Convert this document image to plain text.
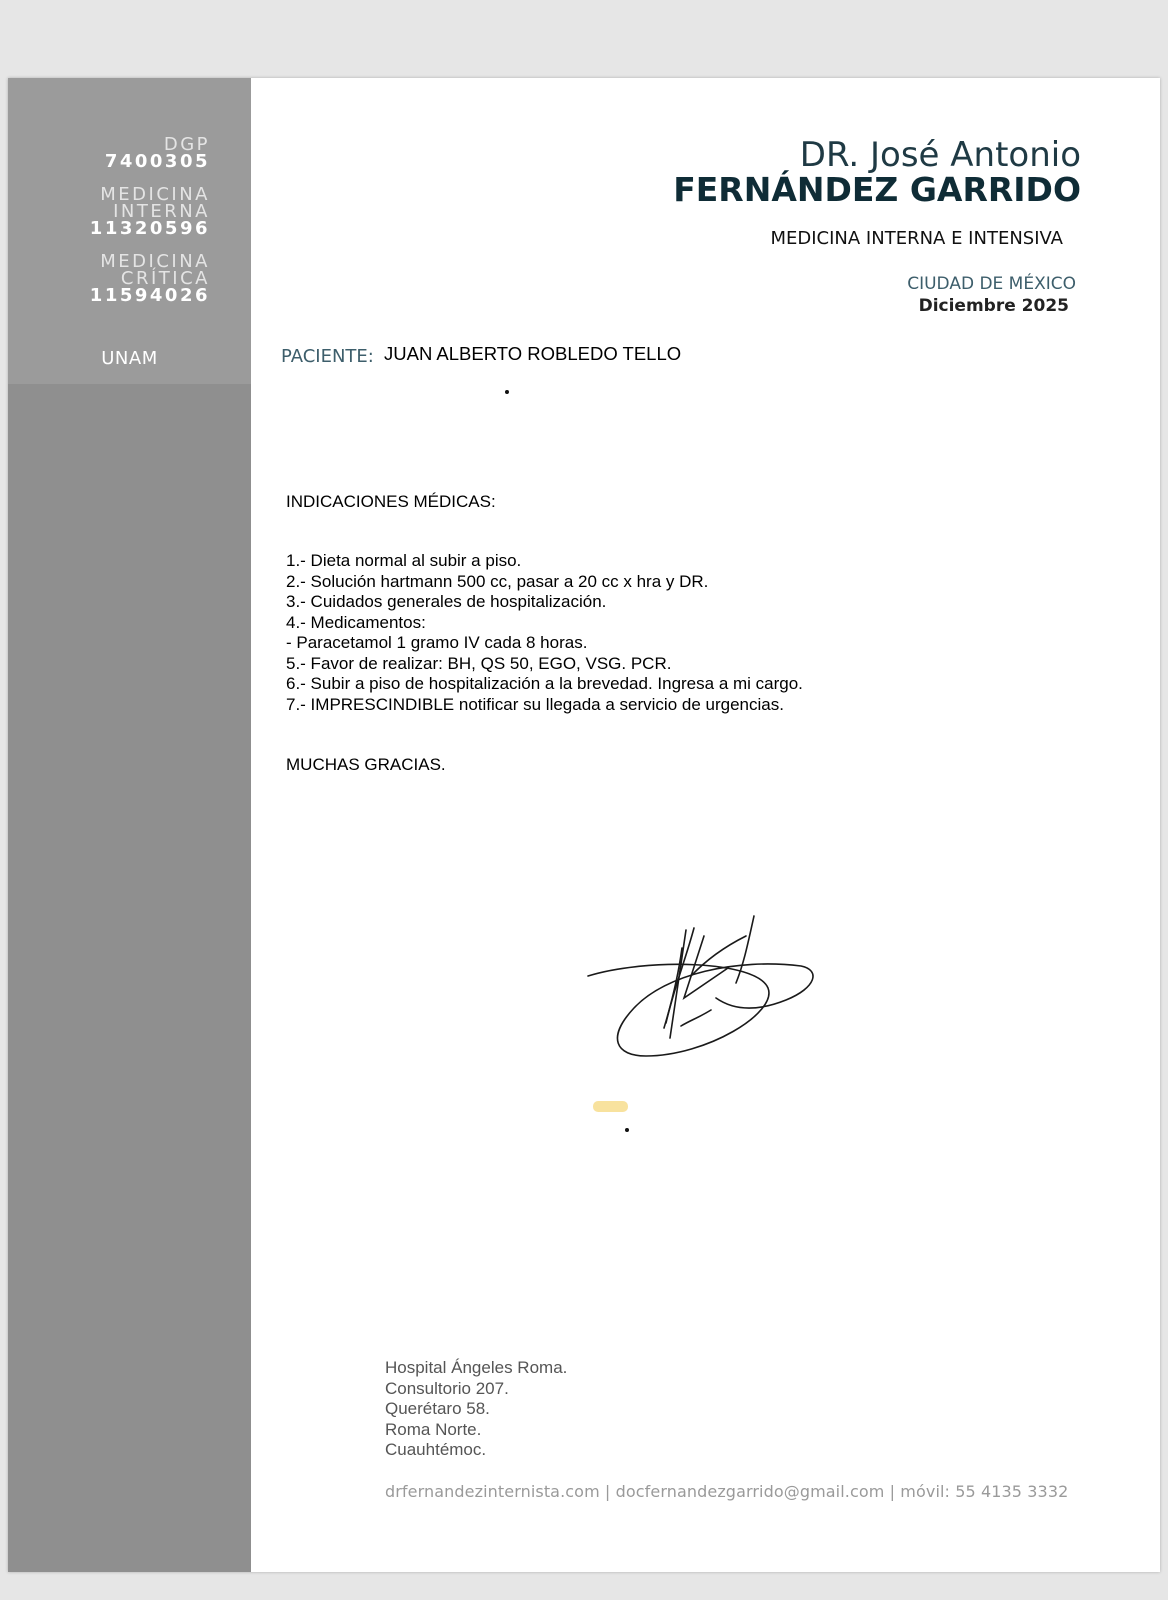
DGP
7400305
MEDICINA
INTERNA
11320596
MEDICINA
CRÍTICA
11594026
UNAM
DR. José Antonio
FERNÁNDEZ GARRIDO
MEDICINA INTERNA E INTENSIVA
CIUDAD DE MÉXICO
Diciembre 2025
PACIENTE: JUAN ALBERTO ROBLEDO TELLO
INDICACIONES MÉDICAS:
1.- Dieta normal al subir a piso.
2.- Solución hartmann 500 cc, pasar a 20 cc x hra y DR.
3.- Cuidados generales de hospitalización.
4.- Medicamentos:
- Paracetamol 1 gramo IV cada 8 horas.
5.- Favor de realizar: BH, QS 50, EGO, VSG. PCR.
6.- Subir a piso de hospitalización a la brevedad. Ingresa a mi cargo.
7.- IMPRESCINDIBLE notificar su llegada a servicio de urgencias.
MUCHAS GRACIAS.
Hospital Ángeles Roma.
Consultorio 207.
Querétaro 58.
Roma Norte.
Cuauhtémoc.
drfernandezinternista.com | docfernandezgarrido@gmail.com | móvil: 55 4135 3332
